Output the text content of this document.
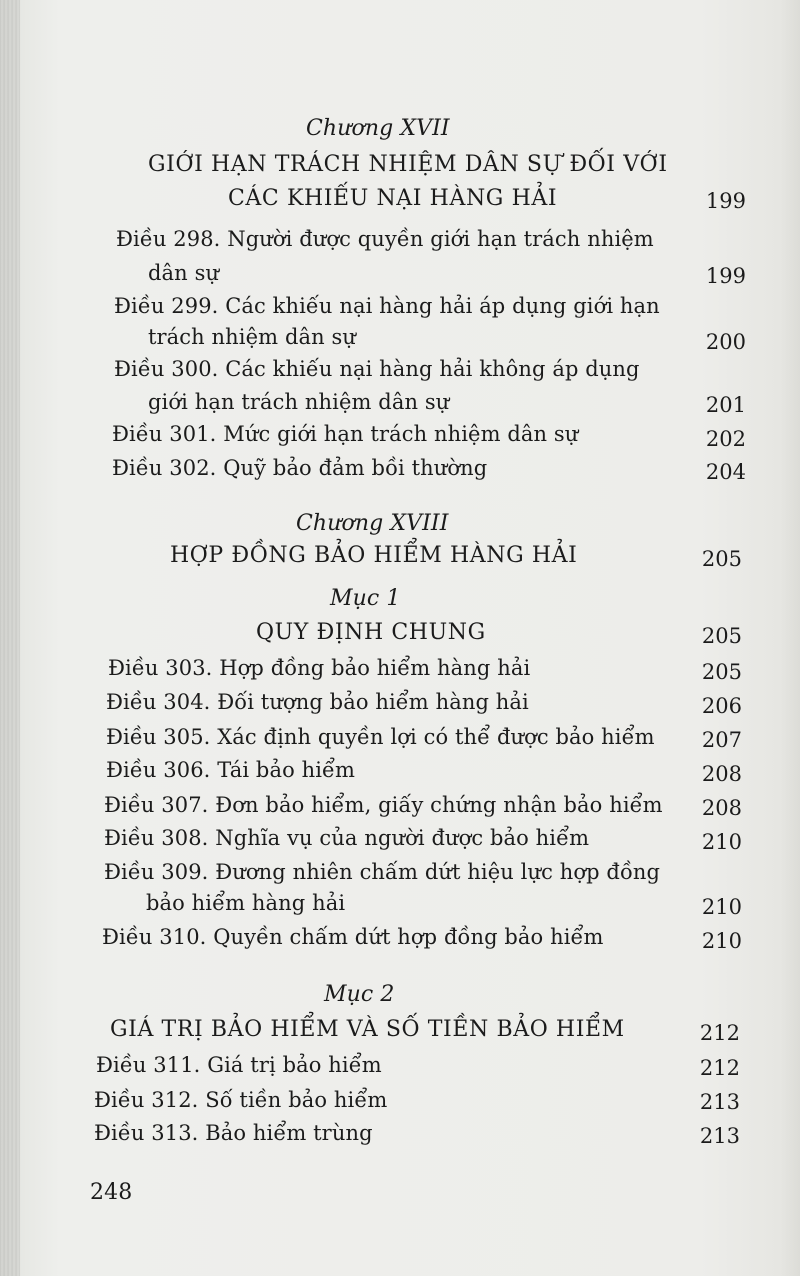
Chương XVII
GIỚI HẠN TRÁCH NHIỆM DÂN SỰ ĐỐI VỚI
CÁC KHIẾU NẠI HÀNG HẢI	199
Điều 298. Người được quyền giới hạn trách nhiệm
dân sự	199
Điều 299. Các khiếu nại hàng hải áp dụng giới hạn
trách nhiệm dân sự	200
Điều 300. Các khiếu nại hàng hải không áp dụng
giới hạn trách nhiệm dân sự	201
Điều 301. Mức giới hạn trách nhiệm dân sự	202
Điều 302. Quỹ bảo đảm bồi thường	204
Chương XVIII
HỢP ĐỒNG BẢO HIỂM HÀNG HẢI	205
Mục 1
QUY ĐỊNH CHUNG	205
Điều 303. Hợp đồng bảo hiểm hàng hải	205
Điều 304. Đối tượng bảo hiểm hàng hải	206
Điều 305. Xác định quyền lợi có thể được bảo hiểm	207
Điều 306. Tái bảo hiểm	208
Điều 307. Đơn bảo hiểm, giấy chứng nhận bảo hiểm	208
Điều 308. Nghĩa vụ của người được bảo hiểm	210
Điều 309. Đương nhiên chấm dứt hiệu lực hợp đồng
bảo hiểm hàng hải	210
Điều 310. Quyền chấm dứt hợp đồng bảo hiểm	210
Mục 2
GIÁ TRỊ BẢO HIỂM VÀ SỐ TIỀN BẢO HIỂM	212
Điều 311. Giá trị bảo hiểm	212
Điều 312. Số tiền bảo hiểm	213
Điều 313. Bảo hiểm trùng	213
248
